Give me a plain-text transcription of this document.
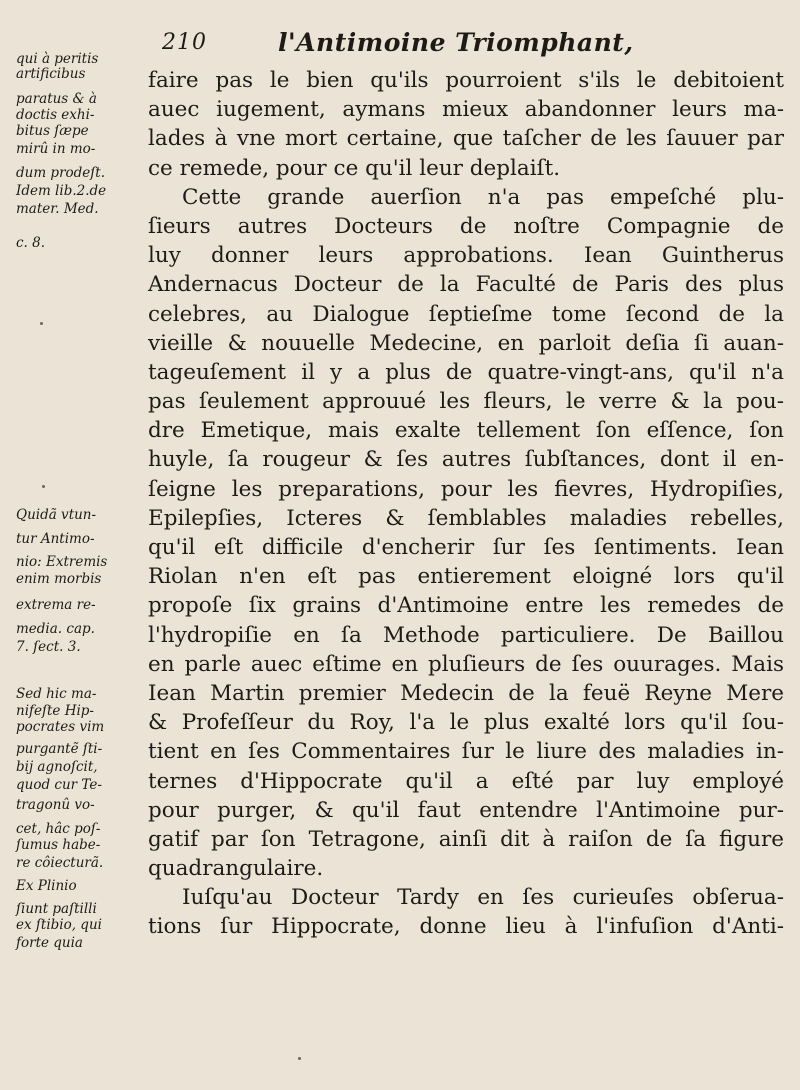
210	l'Antimoine Triomphant,
faire pas le bien qu'ils pourroient s'ils le debitoient
auec iugement, aymans mieux abandonner leurs ma-
lades à vne mort certaine, que taſcher de les ſauuer par
ce remede, pour ce qu'il leur deplaiſt.
Cette grande auerſion n'a pas empeſché plu-
ſieurs autres Docteurs de noſtre Compagnie de
luy donner leurs approbations. Iean Guintherus
Andernacus Docteur de la Faculté de Paris des plus
celebres, au Dialogue ſeptieſme tome ſecond de la
vieille & nouuelle Medecine, en parloit deſia ſi auan-
tageuſement il y a plus de quatre-vingt-ans, qu'il n'a
pas ſeulement approuué les fleurs, le verre & la pou-
dre Emetique, mais exalte tellement ſon eſſence, ſon
huyle, ſa rougeur & ſes autres ſubſtances, dont il en-
ſeigne les preparations, pour les fievres, Hydropiſies,
Epilepſies, Icteres & ſemblables maladies rebelles,
qu'il eſt difficile d'encherir ſur ſes ſentiments. Iean
Riolan n'en eſt pas entierement eloigné lors qu'il
propoſe ſix grains d'Antimoine entre les remedes de
l'hydropiſie en ſa Methode particuliere. De Baillou
en parle auec eſtime en pluſieurs de ſes ouurages. Mais
Iean Martin premier Medecin de la feuë Reyne Mere
& Profeſſeur du Roy, l'a le plus exalté lors qu'il ſou-
tient en ſes Commentaires ſur le liure des maladies in-
ternes d'Hippocrate qu'il a eſté par luy employé
pour purger, & qu'il faut entendre l'Antimoine pur-
gatif par ſon Tetragone, ainſi dit à raiſon de ſa figure
quadrangulaire.
Iuſqu'au Docteur Tardy en ſes curieuſes obſerua-
tions ſur Hippocrate, donne lieu à l'infuſion d'Anti-
qui à peritis
artificibus
paratus & à
doctis exhi-
bitus ſæpe
mirû in mo-
dum prodeſt.
Idem lib.2.de
mater. Med.
c. 8.
Quidã vtun-
tur Antimo-
nio: Extremis
enim morbis
extrema re-
media. cap.
7. ſect. 3.
Sed hic ma-
nifeſte Hip-
pocrates vim
purgantẽ ſti-
bij agnoſcit,
quod cur Te-
tragonû vo-
cet, hâc poſ-
ſumus habe-
re côiecturã.
Ex Plinio
ſiunt paſtilli
ex ſtibio, qui
forte quia
